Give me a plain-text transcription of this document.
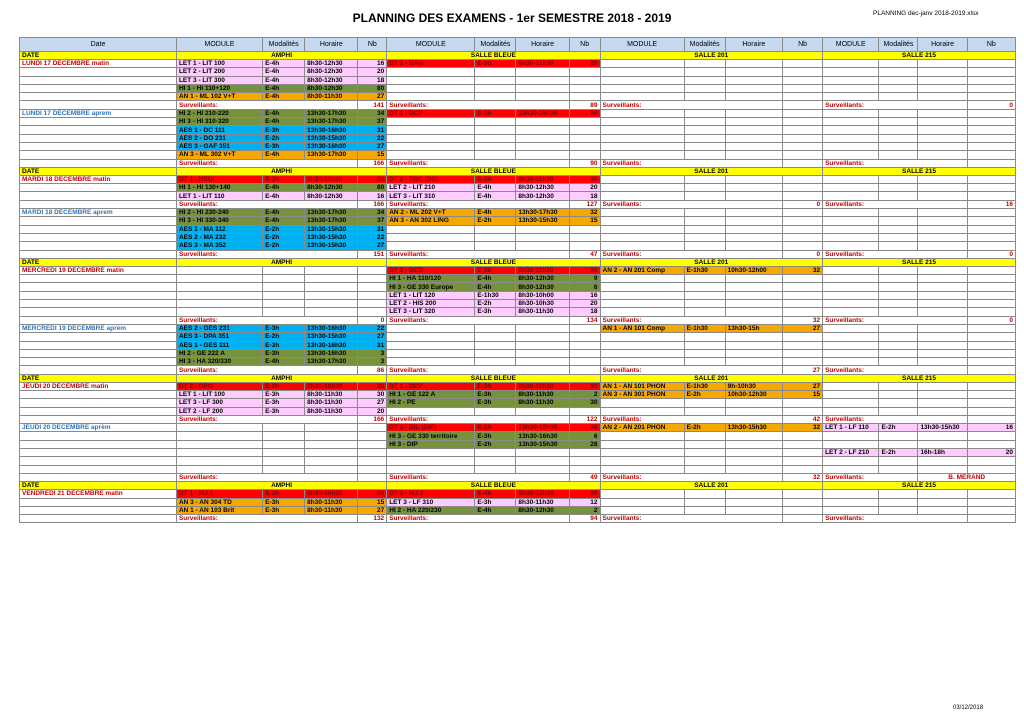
PLANNING DES EXAMENS - 1er SEMESTRE 2018 - 2019	PLANNING dec-janv 2018-2019.xlsx
Date	MODULE	Modalités	Horaire	Nb	MODULE	Modalités	Horaire	Nb	MODULE	Modalités	Horaire	Nb	MODULE	Modalités	Horaire	Nb
DATE	AMPHI				SALLE BLEUE				SALLE 201				SALLE 215			
LUNDI 17 DECEMBRE matin	LET 1 - LIT 100	E-4h	8h30-12h30	16	DT 2 - DAG	E-3h	8h30-11h30	89								
	LET 2 - LIT 200	E-4h	8h30-12h30	20												
	LET 3 - LIT 300	E-4h	8h30-12h30	18												
	HI 1 - HI 110+120	E-4h	8h30-12h30	80												
	AN 1 - ML 102 V+T	E-4h	8h30-11h30	27												
	Surveillants:			141	Surveillants:			89	Surveillants:				Surveillants:			0
LUNDI 17 DECEMBRE aprem	HI 2 - HI 210-220	E-4h	13h30-17h30	34	DT 1 - DCP	E-3h	13h30-16h30	90								
	HI 3 - HI 310-320	E-4h	13h30-17h30	37												
	AES 1 - DC 111	E-3h	13h30-16h30	31												
	AES 2 - DO 231	E-2h	13h30-15h30	22												
	AES 3 - GAF 351	E-3h	13h30-16h30	27												
	AN 3 - ML 302 V+T	E-4h	13h30-17h30	15												
	Surveillants:			166	Surveillants:			90	Surveillants:				Surveillants:			
DATE	AMPHI				SALLE BLEUE				SALLE 201				SALLE 215			
MARDI 18 DECEMBRE matin	DT 1 - HSDI	E-3h	8h30-11h30	90	DT 2 - TGC (DO)	E-3h	8h30-11h30	89								
	HI 1 - HI 130+140	E-4h	8h30-12h30	80	LET 2 - LIT 210	E-4h	8h30-12h30	20								
	LET 1 - LIT 110	E-4h	8h30-12h30	16	LET 3 - LIT 310	E-4h	8h30-12h30	18								
	Surveillants:			166	Surveillants:			127	Surveillants:			0	Surveillants:			16
MARDI 18 DECEMBRE aprem	HI 2 - HI 230-240	E-4h	13h30-17h30	34	AN 2 - ML 202 V+T	E-4h	13h30-17h30	32								
	HI 3 - HI 330-340	E-4h	13h30-17h30	37	AN 3 - AN 302 LING	E-2h	13h30-15h30	15								
	AES 1 - MA 112	E-2h	13h30-15h30	31												
	AES 2 - MA 232	E-2h	13h30-15h30	22												
	AES 3 - MA 352	E-2h	13h30-15h30	27												
	Surveillants:			151	Surveillants:			47	Surveillants:			0	Surveillants:			0
DATE	AMPHI				SALLE BLEUE				SALLE 201				SALLE 215			
MERCREDI 19 DECEMBRE matin					DT 3 - DCB	E-3h	8h30-11h30	86	AN 2 - AN 201 Comp	E-1h30	10h30-12h00	32				
					HI 1 - HA 110/120	E-4h	8h30-12h30	9								
					HI 3 - GE 330 Europe	E-4h	8h30-12h30	6								
					LET 1 - LIT 120	E-1h30	8h30-10h00	16								
					LET 2 - HIS 200	E-2h	8h30-10h30	20								
					LET 3 - LIT 320	E-3h	8h30-11h30	18								
	Surveillants:			0	Surveillants:			134	Surveillants:			32	Surveillants:			0
MERCREDI 19 DECEMBRE aprèm	AES 2 - GES 231	E-3h	13h30-16h30	22					AN 1 - AN 101 Comp	E-1h30	13h30-15h	27				
	AES 3 - DPA 351	E-2h	13h30-15h30	27												
	AES 1 - GES 111	E-3h	13h30-16h30	31												
	HI 2 - GE 222 A	E-3h	13h30-16h30	3												
	HI 3 - HA 320/330	E-4h	13h30-17h30	3												
	Surveillants:			86	Surveillants:				Surveillants:			27	Surveillants:			
DATE	AMPHI				SALLE BLEUE				SALLE 201				SALLE 215			
JEUDI 20 DECEMBRE matin	DT 2 - DPG	E-2h	8h30-10h30	89	DT 1 - DCP	E-3h	8h30-11h30	90	AN 1 - AN 101 PHON	E-1h30	9h-10h30	27				
	LET 1 - LIT 100	E-3h	8h30-11h30	30	HI 1 - GE 122 A	E-3h	8h30-11h30	2	AN 3 - AN 301 PHON	E-2h	10h30-12h30	15				
	LET 3 - LF 300	E-3h	8h30-11h30	27	HI 2 - PE	E-3h	8h30-11h30	30								
	LET 2 - LF 200	E-3h	8h30-11h30	20												
	Surveillants:			166	Surveillants:			122	Surveillants:			42	Surveillants:			
JEUDI 20 DECEMBRE aprèm					DT 3 - DIL (DIP)	E-2h	13h30-15h30	86	AN 2 - AN 201 PHON	E-2h	13h30-15h30	32	LET 1 - LF 110	E-2h	13h30-15h30	16
					HI 3 - GE 330 territoire	E-3h	13h30-16h30	6								
					HI 3 - DIP	E-2h	13h30-15h30	28								
													LET 2 - LF 210	E-2h	16h-18h	20

	Surveillants:				Surveillants:			49	Surveillants:			32	Surveillants:		B. MERAND	
DATE	AMPHI				SALLE BLEUE				SALLE 201				SALLE 215			
VENDREDI 21 DECEMBRE matin	DT 1 - MJ 1	E-2h	8h30-10h30	90	DT 3 - MJ 2	E-4h	8h30-12h30	80								
	AN 3 - AN 304 TD	E-3h	8h30-11h30	15	LET 3 - LF 310	E-3h	8h30-11h30	12								
	AN 1 - AN 103 Brit	E-3h	8h30-11h30	27	HI 2 - HA 220/230	E-4h	8h30-12h30	2								
	Surveillants:			132	Surveillants:			94	Surveillants:				Surveillants:			
03/12/2018
